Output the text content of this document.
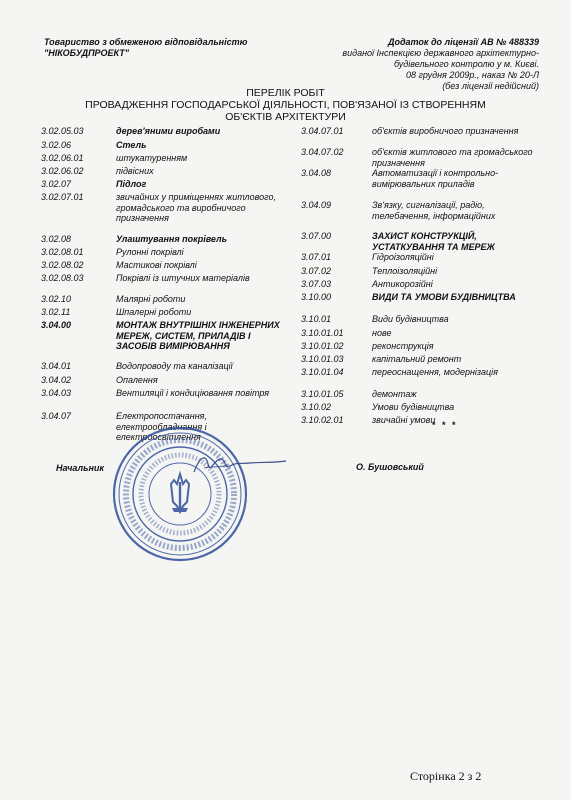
Товариство з обмеженою відповідальністю
"НІКОБУДПРОЕКТ"
Додаток до ліцензії АВ № 488339
виданої Інспекцією державного архітектурно-
будівельного контролю у м. Києві.
08 грудня 2009р., наказ № 20-Л
(без ліцензії недійсний)
ПЕРЕЛІК РОБІТ
ПРОВАДЖЕННЯ ГОСПОДАРСЬКОЇ ДІЯЛЬНОСТІ, ПОВ'ЯЗАНОЇ ІЗ СТВОРЕННЯМ
ОБ'ЄКТІВ АРХІТЕКТУРИ
3.02.05.03	дерев'яними виробами
3.02.06	Стель
3.02.06.01	штукатуренням
3.02.06.02	підвісних
3.02.07	Підлог
3.02.07.01	звичайних у приміщеннях житлового, громадського та виробничого призначення
3.02.08	Улаштування покрівель
3.02.08.01	Рулонні покрівлі
3.02.08.02	Мастикові покрівлі
3.02.08.03	Покрівлі із штучних матеріалів
3.02.10	Малярні роботи
3.02.11	Шпалерні роботи
3.04.00	МОНТАЖ ВНУТРІШНІХ ІНЖЕНЕРНИХ МЕРЕЖ, СИСТЕМ, ПРИЛАДІВ І ЗАСОБІВ ВИМІРЮВАННЯ
3.04.01	Водопроводу та каналізації
3.04.02	Опалення
3.04.03	Вентиляції і кондиціювання повітря
3.04.07	Електропостачання, електрообладнання і електроосвітлення
3.04.07.01	об'єктів виробничого призначення
3.04.07.02	об'єктів житлового та громадського призначення
3.04.08	Автоматизації і контрольно-вимірювальних приладів
3.04.09	Зв'язку, сигналізації, радіо, телебачення, інформаційних
3.07.00	ЗАХИСТ КОНСТРУКЦІЙ, УСТАТКУВАННЯ ТА МЕРЕЖ
3.07.01	Гідроізоляційні
3.07.02	Теплоізоляційні
3.07.03	Антикорозійні
3.10.00	ВИДИ ТА УМОВИ БУДІВНИЦТВА
3.10.01	Види будівництва
3.10.01.01	нове
3.10.01.02	реконструкція
3.10.01.03	капітальний ремонт
3.10.01.04	переоснащення, модернізація
3.10.01.05	демонтаж
3.10.02	Умови будівництва
3.10.02.01	звичайні умови
* * *
Начальник	О. Бушовський
Сторінка 2 з 2
